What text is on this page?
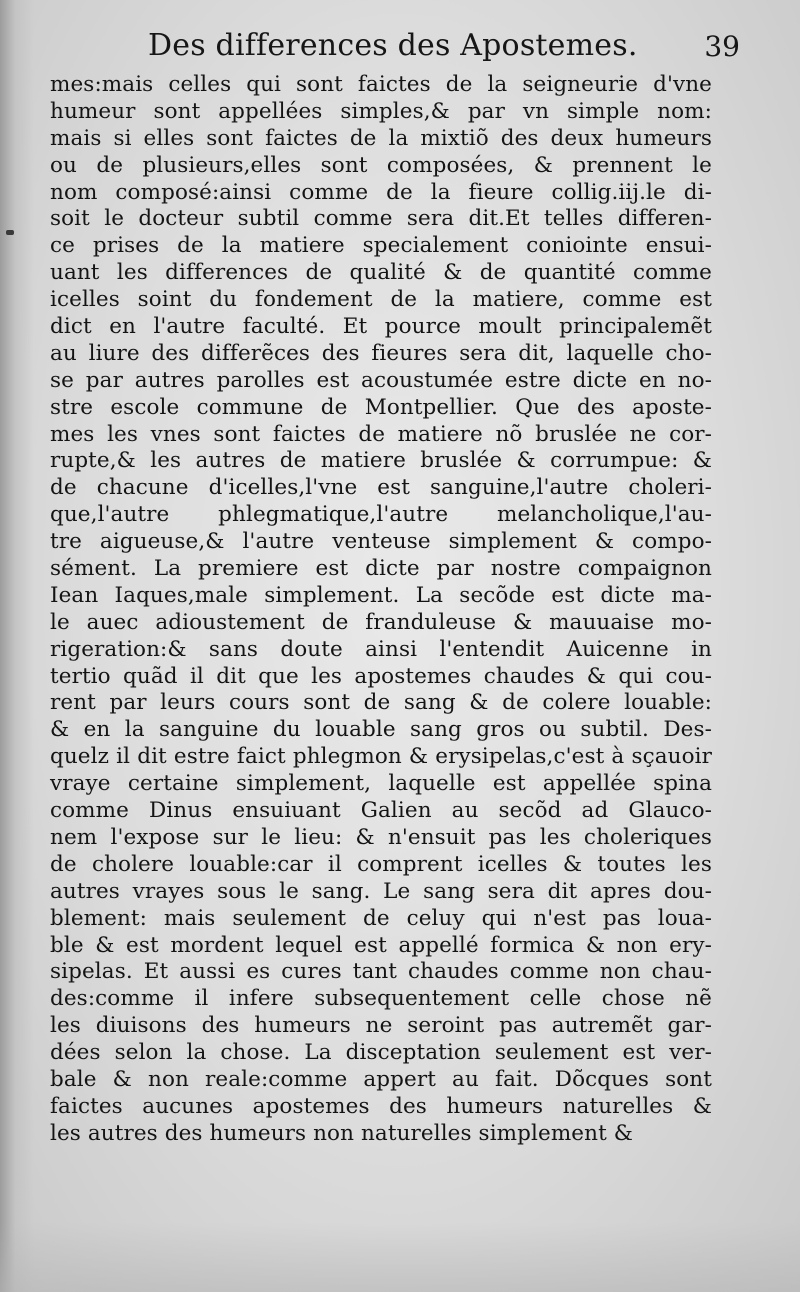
Des differences des Apostemes. 39
mes:mais celles qui sont faictes de la seigneurie d'vne
humeur sont appellées simples,& par vn simple nom:
mais si elles sont faictes de la mixtiõ des deux humeurs
ou de plusieurs,elles sont composées, & prennent le
nom composé:ainsi comme de la fieure collig.iij.le di-
soit le docteur subtil comme sera dit.Et telles differen-
ce prises de la matiere specialement coniointe ensui-
uant les differences de qualité & de quantité comme
icelles soint du fondement de la matiere, comme est
dict en l'autre faculté. Et pource moult principalemẽt
au liure des differẽces des fieures sera dit, laquelle cho-
se par autres parolles est acoustumée estre dicte en no-
stre escole commune de Montpellier. Que des aposte-
mes les vnes sont faictes de matiere nõ bruslée ne cor-
rupte,& les autres de matiere bruslée & corrumpue: &
de chacune d'icelles,l'vne est sanguine,l'autre choleri-
que,l'autre phlegmatique,l'autre melancholique,l'au-
tre aigueuse,& l'autre venteuse simplement & compo-
sément. La premiere est dicte par nostre compaignon
Iean Iaques,male simplement. La secõde est dicte ma-
le auec adioustement de franduleuse & mauuaise mo-
rigeration:& sans doute ainsi l'entendit Auicenne in
tertio quãd il dit que les apostemes chaudes & qui cou-
rent par leurs cours sont de sang & de colere louable:
& en la sanguine du louable sang gros ou subtil. Des-
quelz il dit estre faict phlegmon & erysipelas,c'est à sçauoir
vraye certaine simplement, laquelle est appellée spina
comme Dinus ensuiuant Galien au secõd ad Glauco-
nem l'expose sur le lieu: & n'ensuit pas les choleriques
de cholere louable:car il comprent icelles & toutes les
autres vrayes sous le sang. Le sang sera dit apres dou-
blement: mais seulement de celuy qui n'est pas loua-
ble & est mordent lequel est appellé formica & non ery-
sipelas. Et aussi es cures tant chaudes comme non chau-
des:comme il infere subsequentement celle chose nẽ
les diuisons des humeurs ne seroint pas autremẽt gar-
dées selon la chose. La disceptation seulement est ver-
bale & non reale:comme appert au fait. Dõcques sont
faictes aucunes apostemes des humeurs naturelles &
les autres des humeurs non naturelles simplement &
